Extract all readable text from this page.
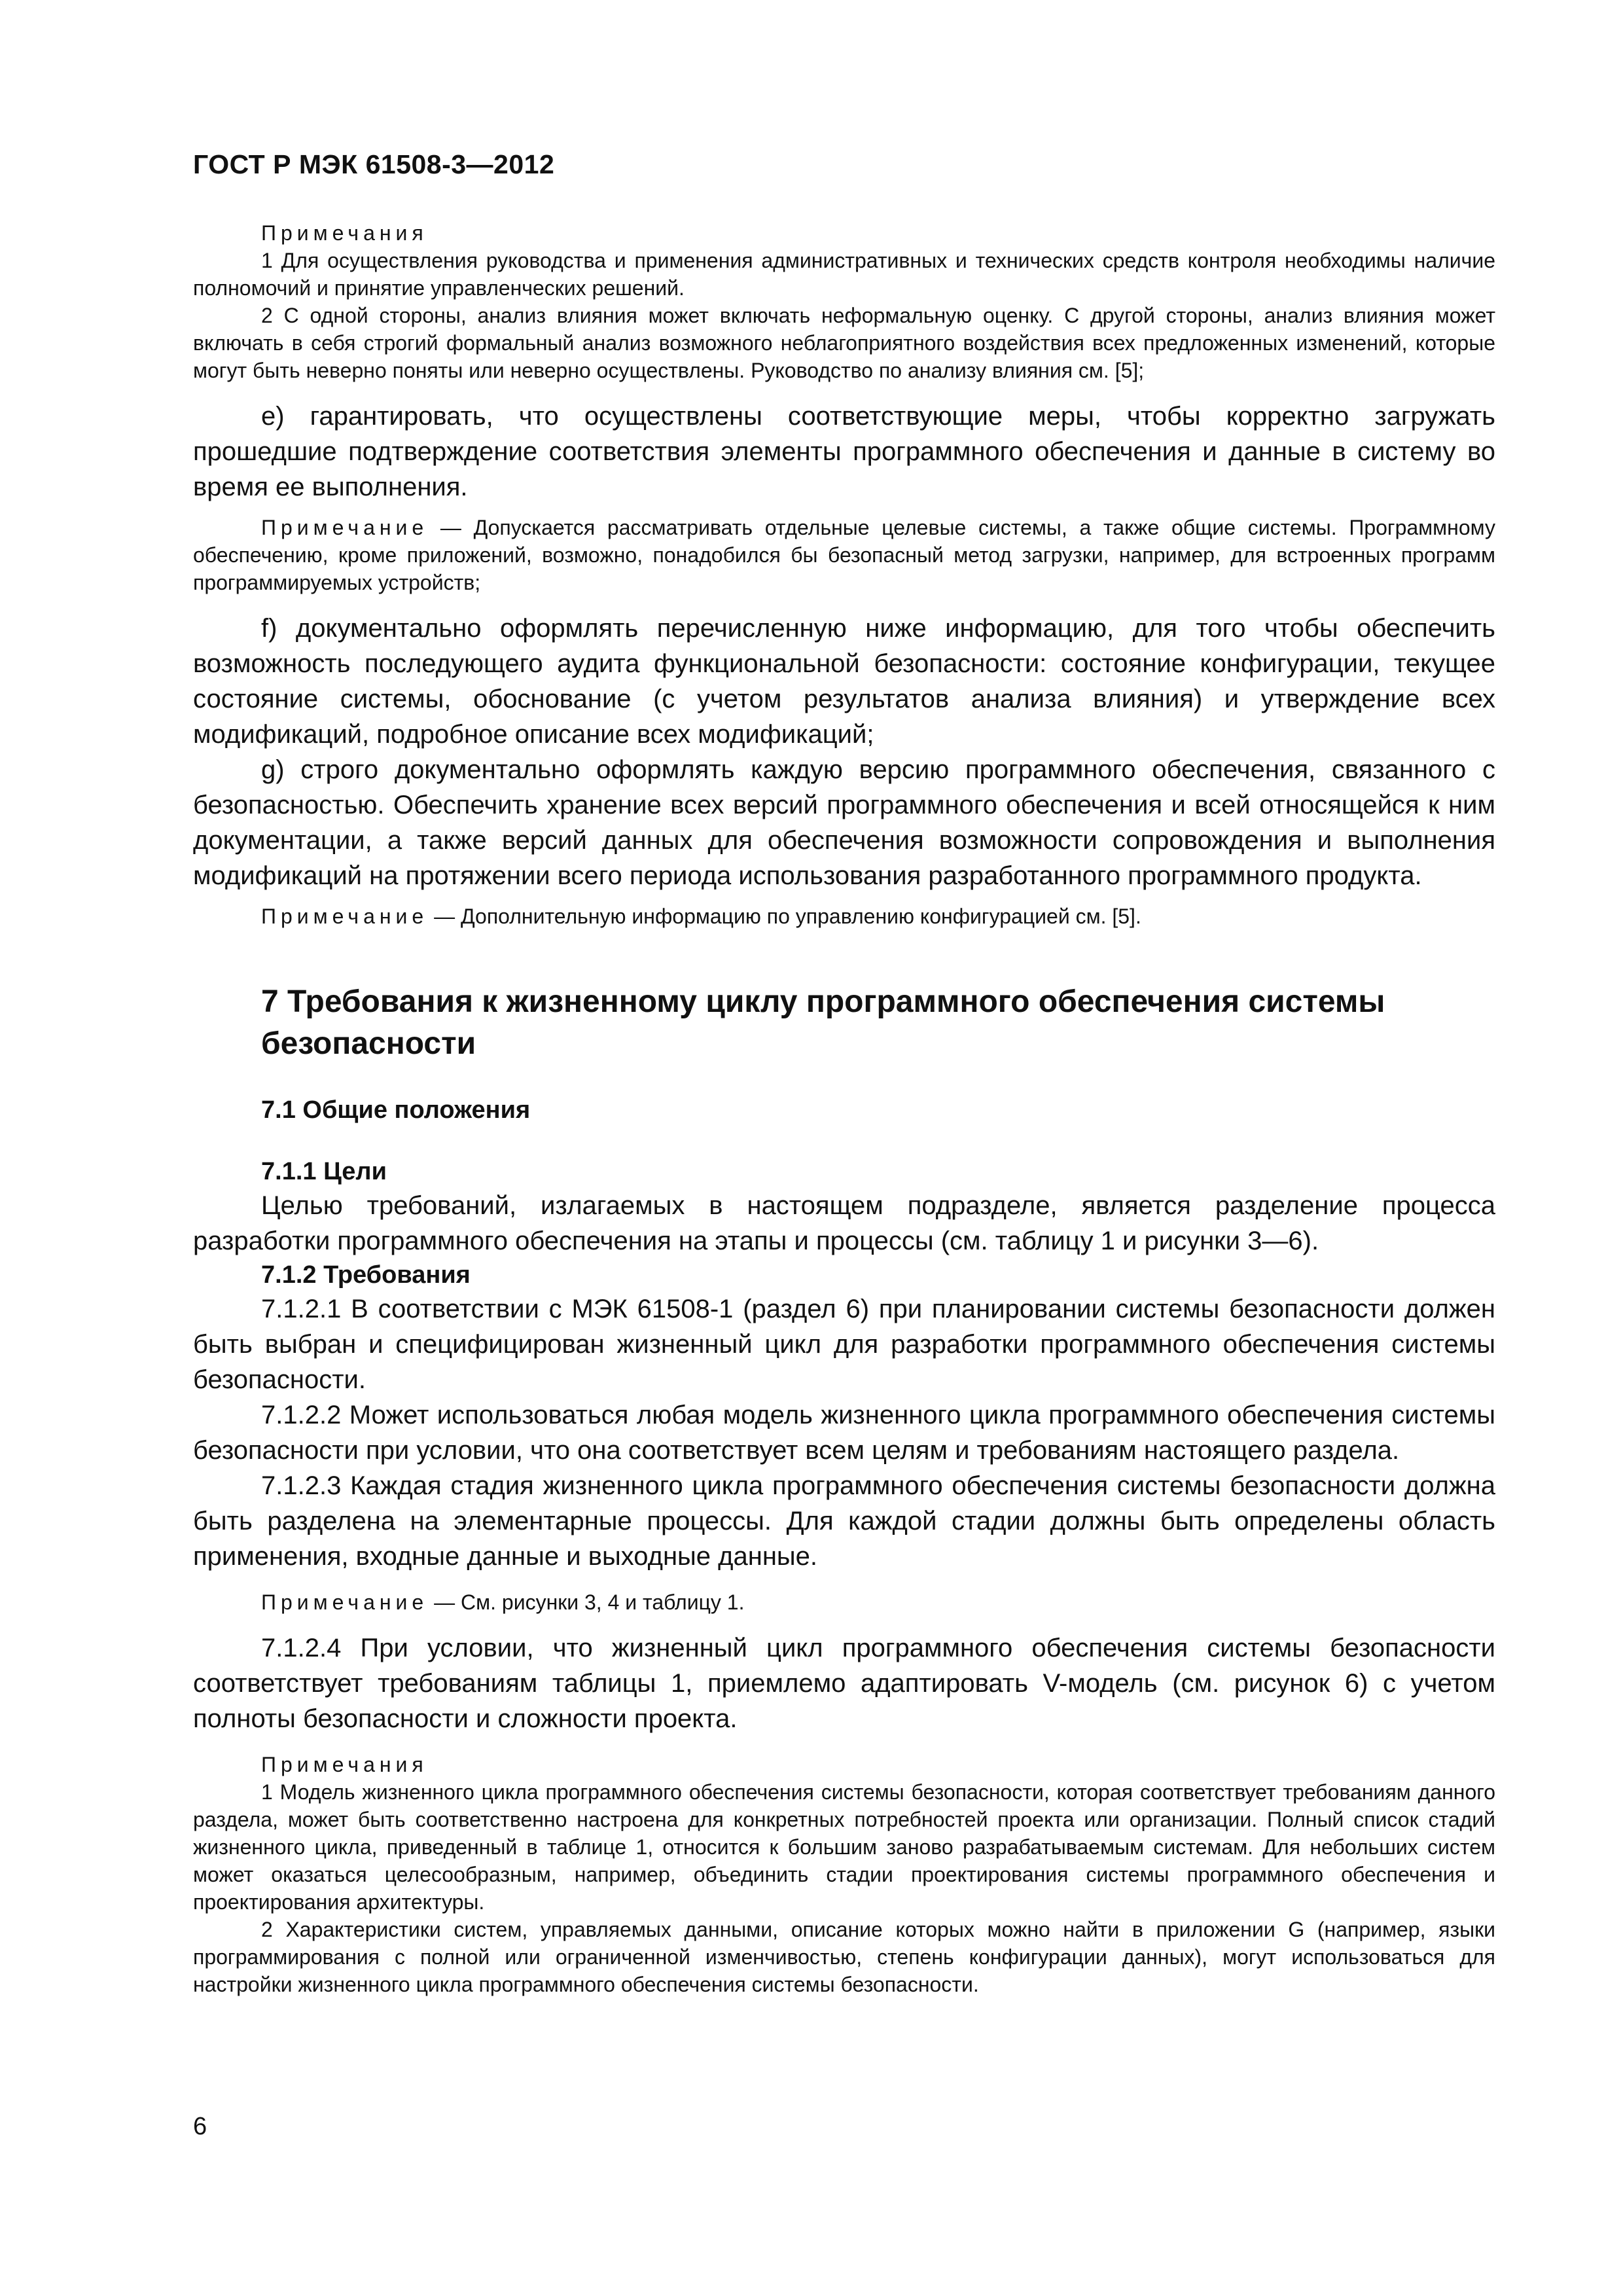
ГОСТ Р МЭК 61508-3—2012

Примечания

1 Для осуществления руководства и применения административных и технических средств контроля необходимы наличие полномочий и принятие управленческих решений.

2 С одной стороны, анализ влияния может включать неформальную оценку. С другой стороны, анализ влияния может включать в себя строгий формальный анализ возможного неблагоприятного воздействия всех предложенных изменений, которые могут быть неверно поняты или неверно осуществлены. Руководство по анализу влияния см. [5];

e) гарантировать, что осуществлены соответствующие меры, чтобы корректно загружать прошедшие подтверждение соответствия элементы программного обеспечения и данные в систему во время ее выполнения.

Примечание — Допускается рассматривать отдельные целевые системы, а также общие системы. Программному обеспечению, кроме приложений, возможно, понадобился бы безопасный метод загрузки, например, для встроенных программ программируемых устройств;

f) документально оформлять перечисленную ниже информацию, для того чтобы обеспечить возможность последующего аудита функциональной безопасности: состояние конфигурации, текущее состояние системы, обоснование (с учетом результатов анализа влияния) и утверждение всех модификаций, подробное описание всех модификаций;

g) строго документально оформлять каждую версию программного обеспечения, связанного с безопасностью. Обеспечить хранение всех версий программного обеспечения и всей относящейся к ним документации, а также версий данных для обеспечения возможности сопровождения и выполнения модификаций на протяжении всего периода использования разработанного программного продукта.

Примечание — Дополнительную информацию по управлению конфигурацией см. [5].

7 Требования к жизненному циклу программного обеспечения системы безопасности

7.1 Общие положения

7.1.1 Цели

Целью требований, излагаемых в настоящем подразделе, является разделение процесса разработки программного обеспечения на этапы и процессы (см. таблицу 1 и рисунки 3—6).

7.1.2 Требования

7.1.2.1 В соответствии с МЭК 61508-1 (раздел 6) при планировании системы безопасности должен быть выбран и специфицирован жизненный цикл для разработки программного обеспечения системы безопасности.

7.1.2.2 Может использоваться любая модель жизненного цикла программного обеспечения системы безопасности при условии, что она соответствует всем целям и требованиям настоящего раздела.

7.1.2.3 Каждая стадия жизненного цикла программного обеспечения системы безопасности должна быть разделена на элементарные процессы. Для каждой стадии должны быть определены область применения, входные данные и выходные данные.

Примечание — См. рисунки 3, 4 и таблицу 1.

7.1.2.4 При условии, что жизненный цикл программного обеспечения системы безопасности соответствует требованиям таблицы 1, приемлемо адаптировать V-модель (см. рисунок 6) с учетом полноты безопасности и сложности проекта.

Примечания

1 Модель жизненного цикла программного обеспечения системы безопасности, которая соответствует требованиям данного раздела, может быть соответственно настроена для конкретных потребностей проекта или организации. Полный список стадий жизненного цикла, приведенный в таблице 1, относится к большим заново разрабатываемым системам. Для небольших систем может оказаться целесообразным, например, объединить стадии проектирования системы программного обеспечения и проектирования архитектуры.

2 Характеристики систем, управляемых данными, описание которых можно найти в приложении G (например, языки программирования с полной или ограниченной изменчивостью, степень конфигурации данных), могут использоваться для настройки жизненного цикла программного обеспечения системы безопасности.

6
